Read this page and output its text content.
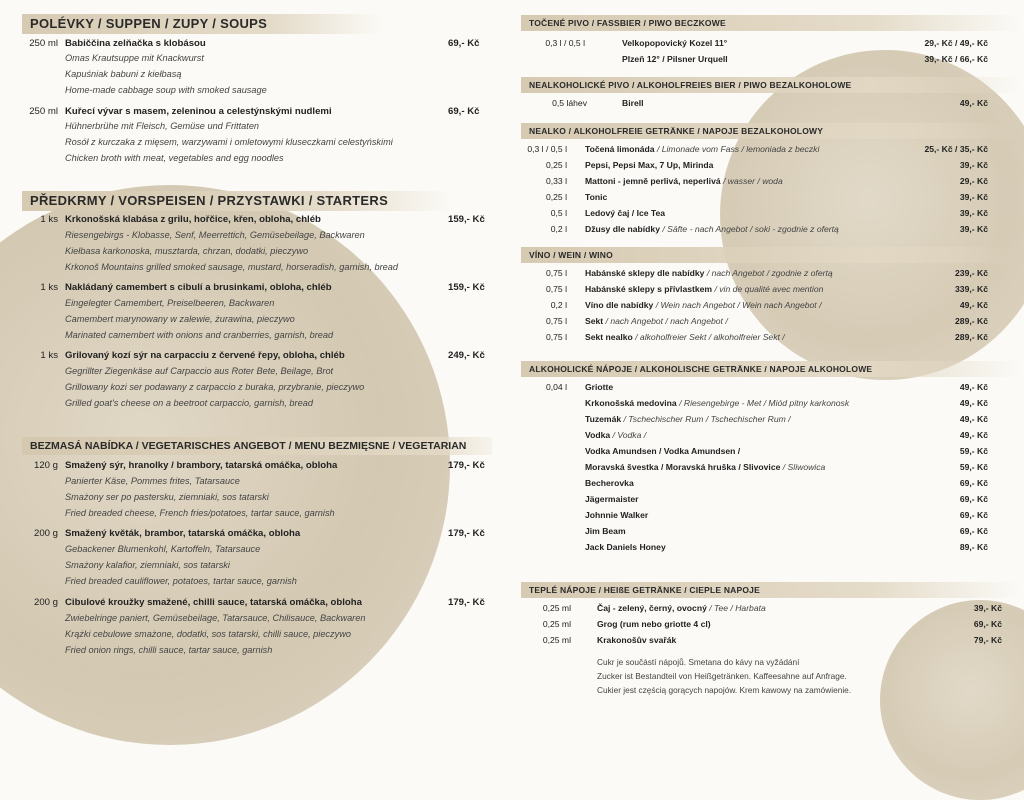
POLÉVKY / SUPPEN / ZUPY / SOUPS
250 ml Babiččina zelňačka s klobásou	69,- Kč
Omas Krautsuppe mit Knackwurst
Kapuśniak babuni z kiełbasą
Home-made cabbage soup with smoked sausage
250 ml Kuřecí vývar s masem, zeleninou a celestýnskými nudlemi	69,- Kč
Hühnerbrühe mit Fleisch, Gemüse und Frittaten
Rosół z kurczaka z mięsem, warzywami i omletowymi kluseczkami celestyńskimi
Chicken broth with meat, vegetables and egg noodles
PŘEDKRMY / VORSPEISEN / PRZYSTAWKI / STARTERS
1 ks Krkonošská klabása z grilu, hořčice, křen, obloha, chléb	159,- Kč
Riesengebirgs - Klobasse, Senf, Meerrettich, Gemüsebeilage, Backwaren
Kiełbasa karkonoska, musztarda, chrzan, dodatki, pieczywo
Krkonoš Mountains grilled smoked sausage, mustard, horseradish, garnish, bread
1 ks Nakládaný camembert s cibulí a brusinkami, obloha, chléb	159,- Kč
Eingelegter Camembert, Preiselbeeren, Backwaren
Camembert marynowany w zalewie, żurawina, pieczywo
Marinated camembert with onions and cranberries, garnish, bread
1 ks Grilovaný kozí sýr na carpacciu z červené řepy, obloha, chléb	249,- Kč
Gegrillter Ziegenkäse auf Carpaccio aus Roter Bete, Beilage, Brot
Grillowany kozi ser podawany z carpaccio z buraka, przybranie, pieczywo
Grilled goat's cheese on a beetroot carpaccio, garnish, bread
BEZMASÁ NABÍDKA / VEGETARISCHES ANGEBOT / MENU BEZMIĘSNE / VEGETARIAN
120 g Smažený sýr, hranolky / brambory, tatarská omáčka, obloha	179,- Kč
Panierter Käse, Pommes frites, Tatarsauce
Smażony ser po pastersku, ziemniaki, sos tatarski
Fried breaded cheese, French fries/potatoes, tartar sauce, garnish
200 g Smažený květák, brambor, tatarská omáčka, obloha	179,- Kč
Gebackener Blumenkohl, Kartoffeln, Tatarsauce
Smażony kalafior, ziemniaki, sos tatarski
Fried breaded cauliflower, potatoes, tartar sauce, garnish
200 g Cibulové kroužky smažené, chilli sauce, tatarská omáčka, obloha	179,- Kč
Zwiebelringe paniert, Gemüsebeilage, Tatarsauce, Chilisauce, Backwaren
Krążki cebulowe smażone, dodatki, sos tatarski, chilli sauce, pieczywo
Fried onion rings, chilli sauce, tartar sauce, garnish
TOČENÉ PIVO / FASSBIER / PIWO BECZKOWE
0,3 l / 0,5 l	Velkopopovický Kozel 11°	29,- Kč / 49,- Kč
Plzeň 12° / Pilsner Urquell	39,- Kč / 66,- Kč
NEALKOHOLICKÉ PIVO / ALKOHOLFREIES BIER / PIWO BEZALKOHOLOWE
0,5 láhev	Birell	49,- Kč
NEALKO / ALKOHOLFREIE GETRÄNKE / NAPOJE BEZALKOHOLOWY
0,3 l / 0,5 l Točená limonáda / Limonade vom Fass / lemoniada z beczki	25,- Kč / 35,- Kč
0,25 l Pepsi, Pepsi Max, 7 Up, Mirinda	39,- Kč
0,33 l Mattoni - jemně perlivá, neperlivá / wasser / woda	29,- Kč
0,25 l Tonic	39,- Kč
0,5 l Ledový čaj / Ice Tea	39,- Kč
0,2 l Džusy dle nabídky / Säfte - nach Angebot / soki - zgodnie z ofertą	39,- Kč
VÍNO / WEIN / WINO
0,75 l Habánské sklepy dle nabídky / nach Angebot / zgodnie z ofertą	239,- Kč
0,75 l Habánské sklepy s přívlastkem / vin de qualité avec mention	339,- Kč
0,2 l Víno dle nabídky / Wein nach Angebot / Wein nach Angebot /	49,- Kč
0,75 l Sekt / nach Angebot / nach Angebot /	289,- Kč
0,75 l Sekt nealko / alkoholfreier Sekt / alkoholfreier Sekt /	289,- Kč
ALKOHOLICKÉ NÁPOJE / ALKOHOLISCHE GETRÄNKE / NAPOJE ALKOHOLOWE
0,04 l Griotte	49,- Kč
Krkonošská medovina / Riesengebirge - Met / Miód pitny karkonosk	49,- Kč
Tuzemák / Tschechischer Rum / Tschechischer Rum /	49,- Kč
Vodka / Vodka /	49,- Kč
Vodka Amundsen / Vodka Amundsen /	59,- Kč
Moravská švestka / Moravská hruška / Slivovice / Sliwowica	59,- Kč
Becherovka	69,- Kč
Jägermaister	69,- Kč
Johnnie Walker	69,- Kč
Jim Beam	69,- Kč
Jack Daniels Honey	89,- Kč
TEPLÉ NÁPOJE / HEIßE GETRÄNKE / CIEPLE NAPOJE
0,25 ml	Čaj - zelený, černý, ovocný / Tee / Harbata	39,- Kč
0,25 ml	Grog (rum nebo griotte 4 cl)	69,- Kč
0,25 ml	Krakonošův svařák	79,- Kč
Cukr je součástí nápojů. Smetana do kávy na vyžádání
Zucker ist Bestandteil von Heißgetränken. Kaffeesahne auf Anfrage.
Cukier jest częścią gorących napojów. Krem kawowy na zamówienie.
